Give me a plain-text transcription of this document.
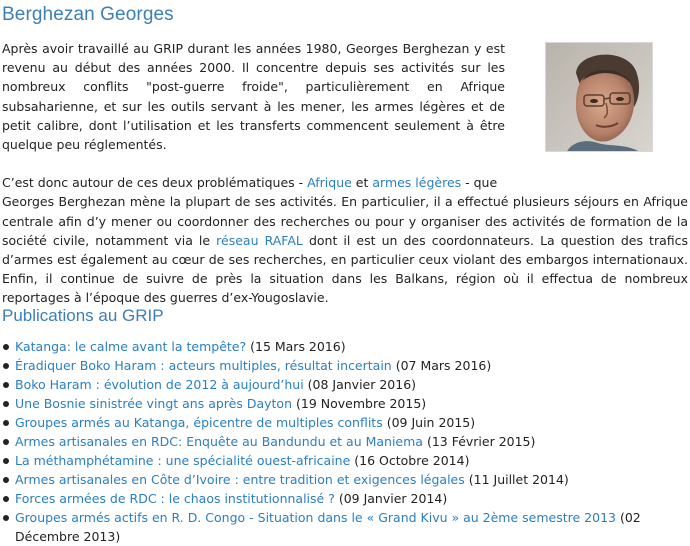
Berghezan Georges

Après avoir travaillé au GRIP durant les années 1980, Georges Berghezan y est revenu au début des années 2000. Il concentre depuis ses activités sur les nombreux conflits "post-guerre froide", particulièrement en Afrique subsaharienne, et sur les outils servant à les mener, les armes légères et de petit calibre, dont l’utilisation et les transferts commencent seulement à être quelque peu réglementés.

C’est donc autour de ces deux problématiques - Afrique et armes légères - que
Georges Berghezan mène la plupart de ses activités. En particulier, il a effectué plusieurs séjours en Afrique centrale afin d’y mener ou coordonner des recherches ou pour y organiser des activités de formation de la société civile, notamment via le réseau RAFAL dont il est un des coordonnateurs. La question des trafics d’armes est également au cœur de ses recherches, en particulier ceux violant des embargos internationaux. Enfin, il continue de suivre de près la situation dans les Balkans, région où il effectua de nombreux reportages à l’époque des guerres d’ex-Yougoslavie.

Publications au GRIP
Katanga: le calme avant la tempête? (15 Mars 2016)
Éradiquer Boko Haram : acteurs multiples, résultat incertain (07 Mars 2016)
Boko Haram : évolution de 2012 à aujourd’hui (08 Janvier 2016)
Une Bosnie sinistrée vingt ans après Dayton (19 Novembre 2015)
Groupes armés au Katanga, épicentre de multiples conflits (09 Juin 2015)
Armes artisanales en RDC: Enquête au Bandundu et au Maniema (13 Février 2015)
La méthamphétamine : une spécialité ouest-africaine (16 Octobre 2014)
Armes artisanales en Côte d’Ivoire : entre tradition et exigences légales (11 Juillet 2014)
Forces armées de RDC : le chaos institutionnalisé ? (09 Janvier 2014)
Groupes armés actifs en R. D. Congo - Situation dans le « Grand Kivu » au 2ème semestre 2013 (02 Décembre 2013)
